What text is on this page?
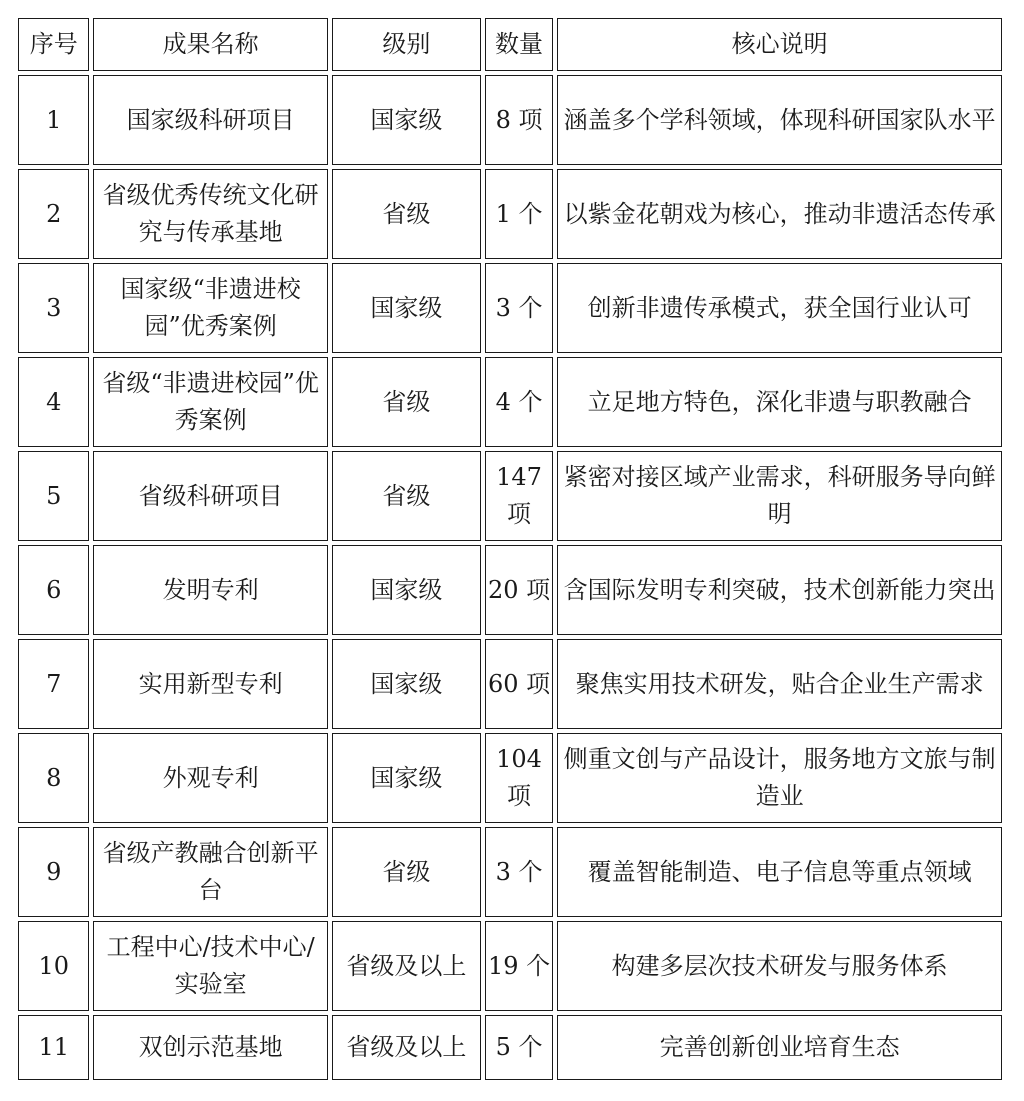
序号	成果名称	级别	数量	核心说明
1	国家级科研项目	国家级	8 项	涵盖多个学科领域，体现科研国家队水平
2	省级优秀传统文化研究与传承基地	省级	1 个	以紫金花朝戏为核心，推动非遗活态传承
3	国家级“非遗进校园”优秀案例	国家级	3 个	创新非遗传承模式，获全国行业认可
4	省级“非遗进校园”优秀案例	省级	4 个	立足地方特色，深化非遗与职教融合
5	省级科研项目	省级	147 项	紧密对接区域产业需求，科研服务导向鲜明
6	发明专利	国家级	20 项	含国际发明专利突破，技术创新能力突出
7	实用新型专利	国家级	60 项	聚焦实用技术研发，贴合企业生产需求
8	外观专利	国家级	104 项	侧重文创与产品设计，服务地方文旅与制造业
9	省级产教融合创新平台	省级	3 个	覆盖智能制造、电子信息等重点领域
10	工程中心/技术中心/实验室	省级及以上	19 个	构建多层次技术研发与服务体系
11	双创示范基地	省级及以上	5 个	完善创新创业培育生态
